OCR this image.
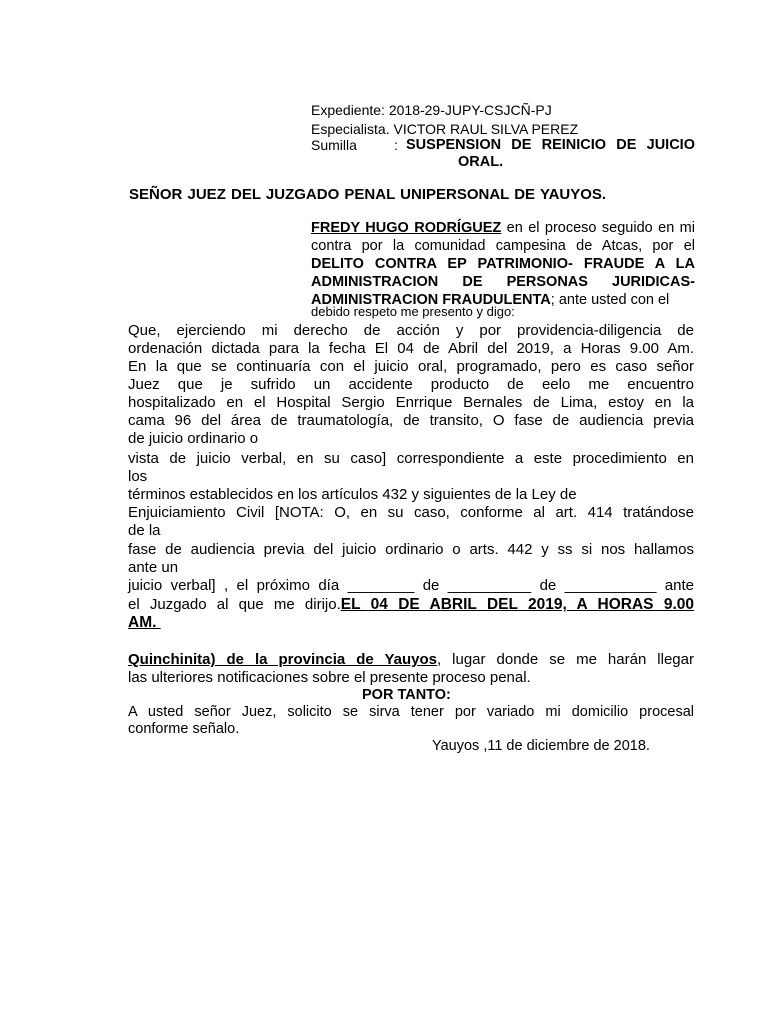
Expediente: 2018-29-JUPY-CSJCÑ-PJ
Especialista. VICTOR RAUL SILVA PEREZ
Sumilla	: SUSPENSION DE REINICIO DE JUICIO
ORAL.
SEÑOR JUEZ DEL JUZGADO PENAL UNIPERSONAL DE YAUYOS.
FREDY HUGO RODRÍGUEZ en el proceso seguido en mi contra por la comunidad campesina de Atcas, por el DELITO CONTRA EP PATRIMONIO- FRAUDE A LA ADMINISTRACION DE PERSONAS JURIDICAS- ADMINISTRACION FRAUDULENTA; ante usted con el
debido respeto me presento y digo:
Que, ejerciendo mi derecho de acción y por providencia-diligencia de
ordenación dictada para la fecha El 04 de Abril del 2019, a Horas 9.00 Am.
En la que se continuaría con el juicio oral, programado, pero es caso señor
Juez que je sufrido un accidente producto de eelo me encuentro
hospitalizado en el Hospital Sergio Enrrique Bernales de Lima, estoy en la
cama 96 del área de traumatología, de transito, O fase de audiencia previa
de juicio ordinario o
vista de juicio verbal, en su caso] correspondiente a este procedimiento en
los
términos establecidos en los artículos 432 y siguientes de la Ley de
Enjuiciamiento Civil [NOTA: O, en su caso, conforme al art. 414 tratándose
de la
fase de audiencia previa del juicio ordinario o arts. 442 y ss si nos hallamos
ante un
juicio verbal] , el próximo día ________ de __________ de ___________ ante
el Juzgado al que me dirijo.EL 04 DE ABRIL DEL 2019, A HORAS 9.00
AM.
Quinchinita) de la provincia de Yauyos, lugar donde se me harán llegar
las ulteriores notificaciones sobre el presente proceso penal.
POR TANTO:
A usted señor Juez, solicito se sirva tener por variado mi domicilio procesal
conforme señalo.
Yauyos ,11 de diciembre de 2018.
